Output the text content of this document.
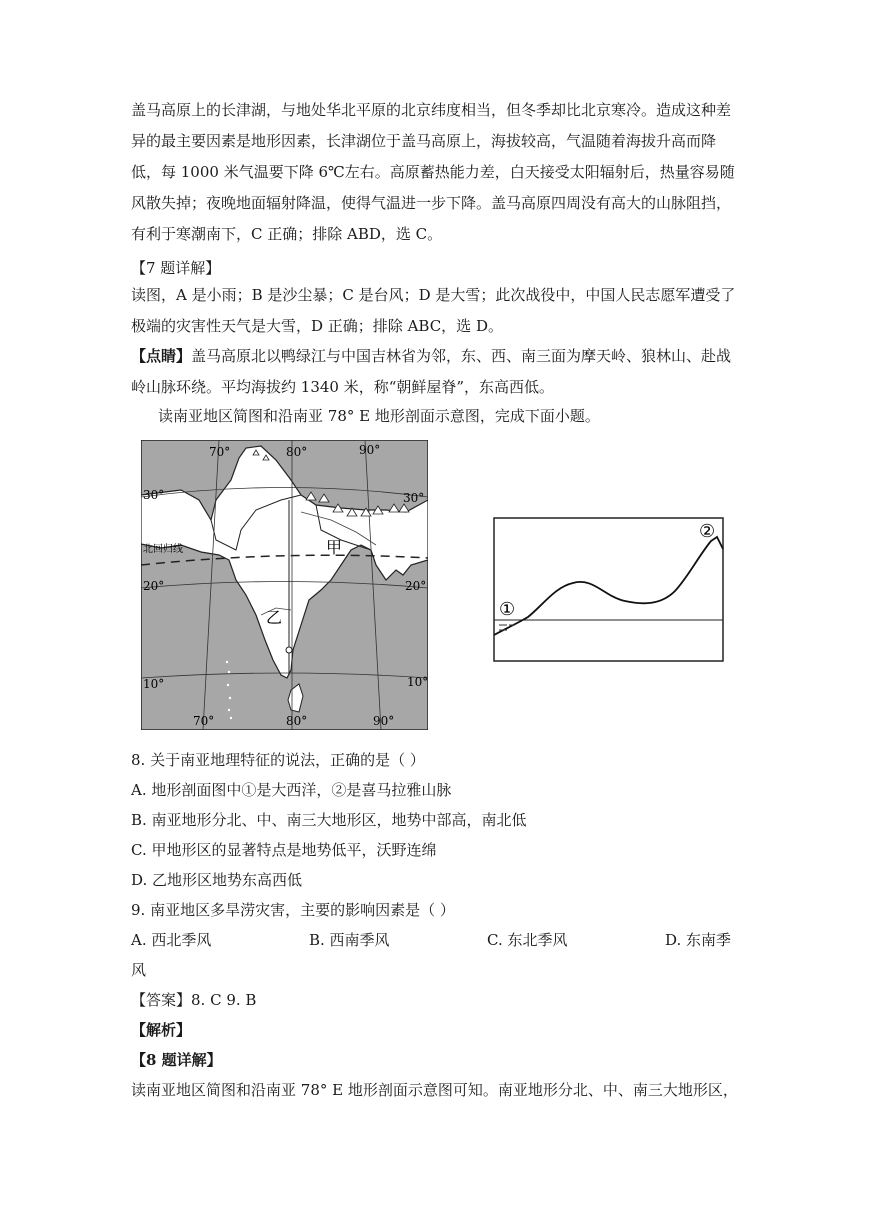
盖马高原上的长津湖，与地处华北平原的北京纬度相当，但冬季却比北京寒冷。造成这种差异的最主要因素是地形因素，长津湖位于盖马高原上，海拔较高，气温随着海拔升高而降低，每 1000 米气温要下降 6℃左右。高原蓄热能力差，白天接受太阳辐射后，热量容易随风散失掉；夜晚地面辐射降温，使得气温进一步下降。盖马高原四周没有高大的山脉阻挡，有利于寒潮南下，C 正确；排除 ABD，选 C。

【7 题详解】

读图，A 是小雨；B 是沙尘暴；C 是台风；D 是大雪；此次战役中，中国人民志愿军遭受了极端的灾害性天气是大雪，D 正确；排除 ABC，选 D。

【点睛】盖马高原北以鸭绿江与中国吉林省为邻，东、西、南三面为摩天岭、狼林山、赴战岭山脉环绕。平均海拔约 1340 米，称“朝鲜屋脊”，东高西低。

读南亚地区简图和沿南亚 78° E 地形剖面示意图，完成下面小题。
70°	80°	90°
30°
20°
10°
30°
20°
10°
70°	80°	90°
北回归线	甲
乙	①
②
8. 关于南亚地理特征的说法，正确的是（ ）
A. 地形剖面图中①是大西洋，②是喜马拉雅山脉
B. 南亚地形分北、中、南三大地形区，地势中部高，南北低
C. 甲地形区的显著特点是地势低平，沃野连绵
D. 乙地形区地势东高西低
9. 南亚地区多旱涝灾害，主要的影响因素是（ ）
A. 西北季风	B. 西南季风	C. 东北季风	D. 东南季
风
【答案】8. C 9. B
【解析】
【8 题详解】
读南亚地区简图和沿南亚 78° E 地形剖面示意图可知。南亚地形分北、中、南三大地形区，
